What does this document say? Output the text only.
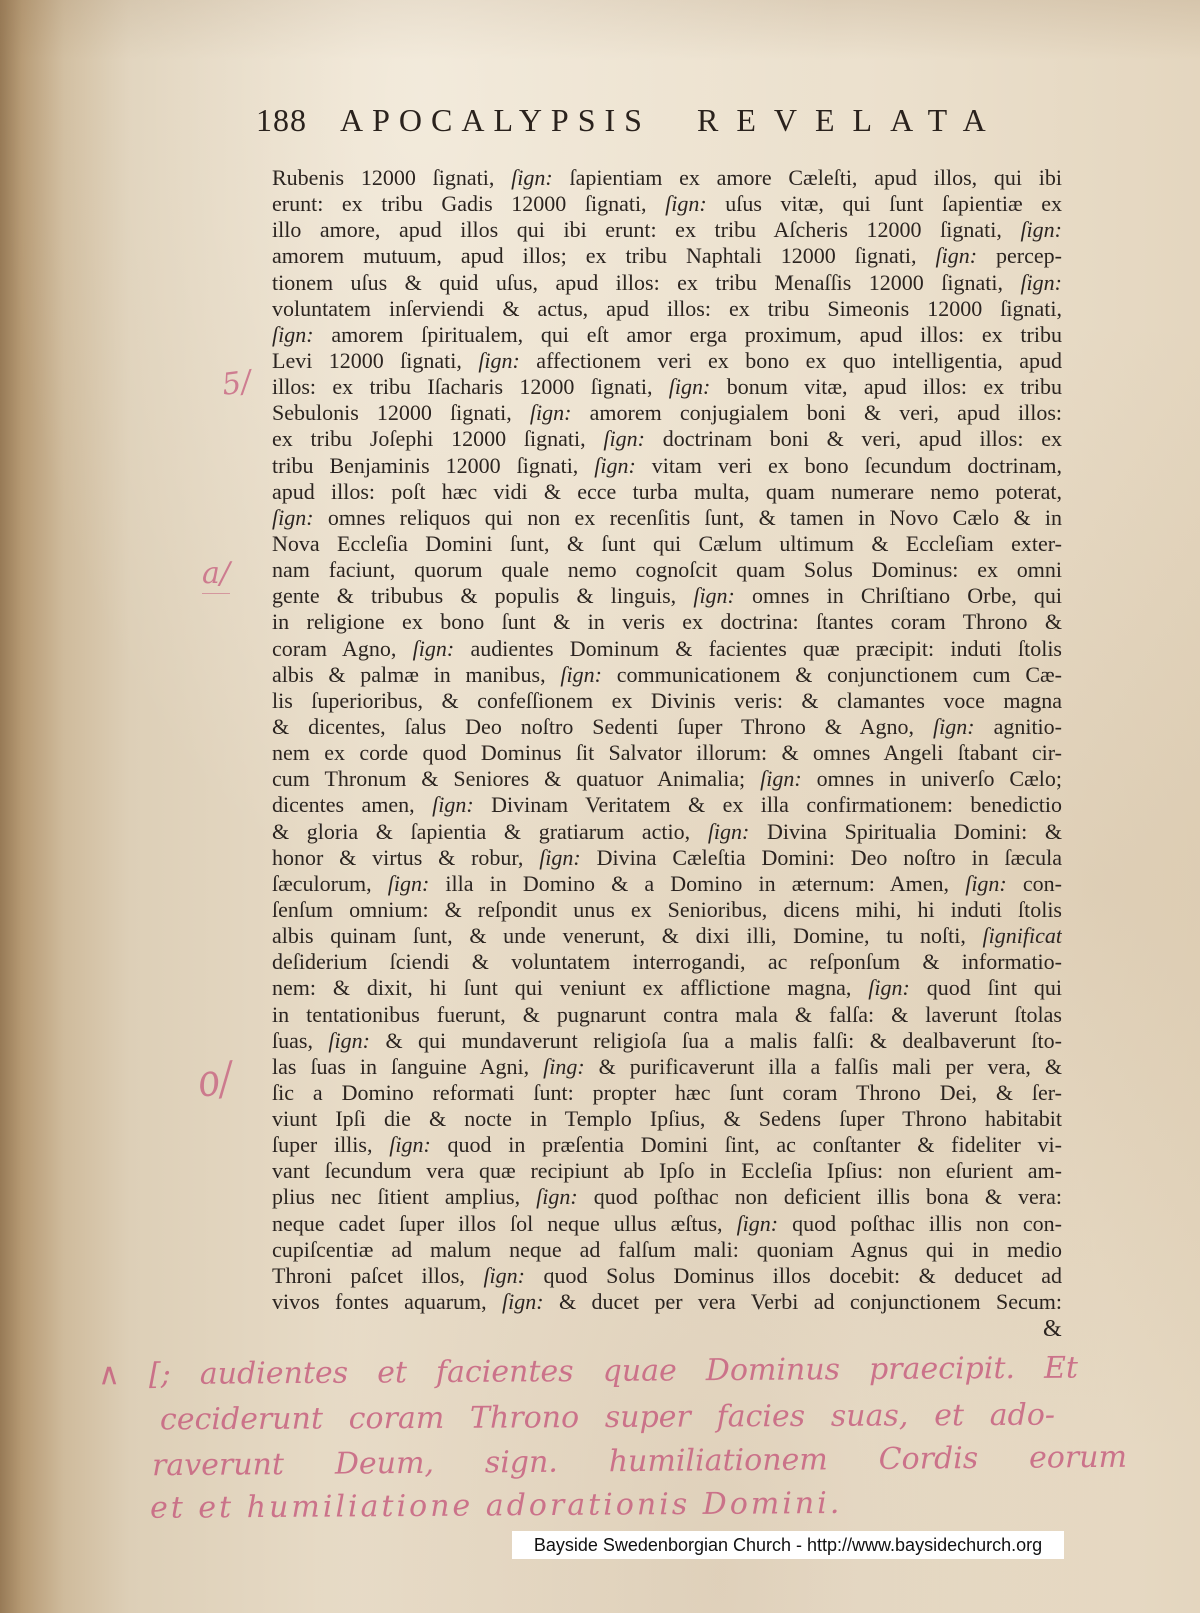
188 APOCALYPSIS REVELATA
Rubenis 12000 ſignati, ſign: ſapientiam ex amore Cæleſti, apud illos, qui ibi
erunt: ex tribu Gadis 12000 ſignati, ſign: uſus vitæ, qui ſunt ſapientiæ ex
illo amore, apud illos qui ibi erunt: ex tribu Aſcheris 12000 ſignati, ſign:
amorem mutuum, apud illos; ex tribu Naphtali 12000 ſignati, ſign: percep-
tionem uſus & quid uſus, apud illos: ex tribu Menaſſis 12000 ſignati, ſign:
voluntatem inſerviendi & actus, apud illos: ex tribu Simeonis 12000 ſignati,
ſign: amorem ſpiritualem, qui eſt amor erga proximum, apud illos: ex tribu
Levi 12000 ſignati, ſign: affectionem veri ex bono ex quo intelligentia, apud
illos: ex tribu Iſacharis 12000 ſignati, ſign: bonum vitæ, apud illos: ex tribu
Sebulonis 12000 ſignati, ſign: amorem conjugialem boni & veri, apud illos:
ex tribu Joſephi 12000 ſignati, ſign: doctrinam boni & veri, apud illos: ex
tribu Benjaminis 12000 ſignati, ſign: vitam veri ex bono ſecundum doctrinam,
apud illos: poſt hæc vidi & ecce turba multa, quam numerare nemo poterat,
ſign: omnes reliquos qui non ex recenſitis ſunt, & tamen in Novo Cælo & in
Nova Eccleſia Domini ſunt, & ſunt qui Cælum ultimum & Eccleſiam exter-
nam faciunt, quorum quale nemo cognoſcit quam Solus Dominus: ex omni
gente & tribubus & populis & linguis, ſign: omnes in Chriſtiano Orbe, qui
in religione ex bono ſunt & in veris ex doctrina: ſtantes coram Throno &
coram Agno, ſign: audientes Dominum & facientes quæ præcipit: induti ſtolis
albis & palmæ in manibus, ſign: communicationem & conjunctionem cum Cæ-
lis ſuperioribus, & confeſſionem ex Divinis veris: & clamantes voce magna
& dicentes, ſalus Deo noſtro Sedenti ſuper Throno & Agno, ſign: agnitio-
nem ex corde quod Dominus ſit Salvator illorum: & omnes Angeli ſtabant cir-
cum Thronum & Seniores & quatuor Animalia; ſign: omnes in univerſo Cælo;
dicentes amen, ſign: Divinam Veritatem & ex illa confirmationem: benedictio
& gloria & ſapientia & gratiarum actio, ſign: Divina Spiritualia Domini: &
honor & virtus & robur, ſign: Divina Cæleſtia Domini: Deo noſtro in ſæcula
ſæculorum, ſign: illa in Domino & a Domino in æternum: Amen, ſign: con-
ſenſum omnium: & reſpondit unus ex Senioribus, dicens mihi, hi induti ſtolis
albis quinam ſunt, & unde venerunt, & dixi illi, Domine, tu noſti, ſignificat
deſiderium ſciendi & voluntatem interrogandi, ac reſponſum & informatio-
nem: & dixit, hi ſunt qui veniunt ex afflictione magna, ſign: quod ſint qui
in tentationibus fuerunt, & pugnarunt contra mala & falſa: & laverunt ſtolas
ſuas, ſign: & qui mundaverunt religioſa ſua a malis falſi: & dealbaverunt ſto-
las ſuas in ſanguine Agni, ſing: & purificaverunt illa a falſis mali per vera, &
ſic a Domino reformati ſunt: propter hæc ſunt coram Throno Dei, & ſer-
viunt Ipſi die & nocte in Templo Ipſius, & Sedens ſuper Throno habitabit
ſuper illis, ſign: quod in præſentia Domini ſint, ac conſtanter & fideliter vi-
vant ſecundum vera quæ recipiunt ab Ipſo in Eccleſia Ipſius: non eſurient am-
plius nec ſitient amplius, ſign: quod poſthac non deficient illis bona & vera:
neque cadet ſuper illos ſol neque ullus æſtus, ſign: quod poſthac illis non con-
cupiſcentiæ ad malum neque ad falſum mali: quoniam Agnus qui in medio
Throni paſcet illos, ſign: quod Solus Dominus illos docebit: & deducet ad
vivos fontes aquarum, ſign: & ducet per vera Verbi ad conjunctionem Secum:
&
5/
a/
o/
∧ [; audientes et facientes quae Dominus praecipit. Et
ceciderunt coram Throno super facies suas, et ado-
raverunt Deum, sign. humiliationem Cordis eorum
et et humiliatione adorationis Domini.
Bayside Swedenborgian Church - http://www.baysidechurch.org
